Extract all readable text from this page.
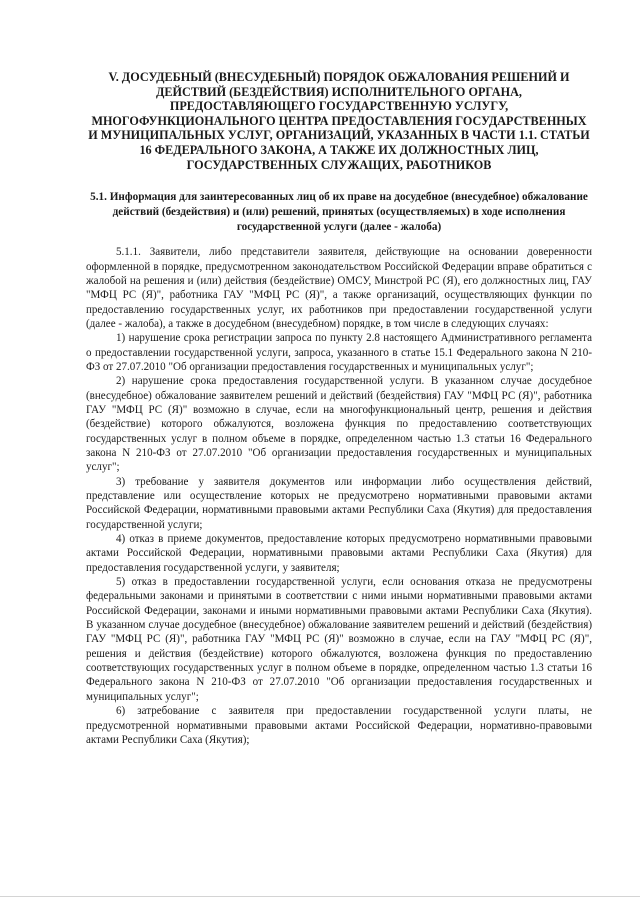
V. ДОСУДЕБНЫЙ (ВНЕСУДЕБНЫЙ) ПОРЯДОК ОБЖАЛОВАНИЯ РЕШЕНИЙ И ДЕЙСТВИЙ (БЕЗДЕЙСТВИЯ) ИСПОЛНИТЕЛЬНОГО ОРГАНА, ПРЕДОСТАВЛЯЮЩЕГО ГОСУДАРСТВЕННУЮ УСЛУГУ, МНОГОФУНКЦИОНАЛЬНОГО ЦЕНТРА ПРЕДОСТАВЛЕНИЯ ГОСУДАРСТВЕННЫХ И МУНИЦИПАЛЬНЫХ УСЛУГ, ОРГАНИЗАЦИЙ, УКАЗАННЫХ В ЧАСТИ 1.1. СТАТЬИ 16 ФЕДЕРАЛЬНОГО ЗАКОНА, А ТАКЖЕ ИХ ДОЛЖНОСТНЫХ ЛИЦ, ГОСУДАРСТВЕННЫХ СЛУЖАЩИХ, РАБОТНИКОВ
5.1. Информация для заинтересованных лиц об их праве на досудебное (внесудебное) обжалование действий (бездействия) и (или) решений, принятых (осуществляемых) в ходе исполнения государственной услуги (далее - жалоба)

5.1.1. Заявители, либо представители заявителя, действующие на основании доверенности оформленной в порядке, предусмотренном законодательством Российской Федерации вправе обратиться с жалобой на решения и (или) действия (бездействие) ОМСУ, Минстрой РС (Я), его должностных лиц, ГАУ "МФЦ РС (Я)", работника ГАУ "МФЦ РС (Я)", а также организаций, осуществляющих функции по предоставлению государственных услуг, их работников при предоставлении государственной услуги (далее - жалоба), а также в досудебном (внесудебном) порядке, в том числе в следующих случаях:

1) нарушение срока регистрации запроса по пункту 2.8 настоящего Административного регламента о предоставлении государственной услуги, запроса, указанного в статье 15.1 Федерального закона N 210-ФЗ от 27.07.2010 "Об организации предоставления государственных и муниципальных услуг";

2) нарушение срока предоставления государственной услуги. В указанном случае досудебное (внесудебное) обжалование заявителем решений и действий (бездействия) ГАУ "МФЦ РС (Я)", работника ГАУ "МФЦ РС (Я)" возможно в случае, если на многофункциональный центр, решения и действия (бездействие) которого обжалуются, возложена функция по предоставлению соответствующих государственных услуг в полном объеме в порядке, определенном частью 1.3 статьи 16 Федерального закона N 210-ФЗ от 27.07.2010 "Об организации предоставления государственных и муниципальных услуг";

3) требование у заявителя документов или информации либо осуществления действий, представление или осуществление которых не предусмотрено нормативными правовыми актами Российской Федерации, нормативными правовыми актами Республики Саха (Якутия) для предоставления государственной услуги;

4) отказ в приеме документов, предоставление которых предусмотрено нормативными правовыми актами Российской Федерации, нормативными правовыми актами Республики Саха (Якутия) для предоставления государственной услуги, у заявителя;

5) отказ в предоставлении государственной услуги, если основания отказа не предусмотрены федеральными законами и принятыми в соответствии с ними иными нормативными правовыми актами Российской Федерации, законами и иными нормативными правовыми актами Республики Саха (Якутия). В указанном случае досудебное (внесудебное) обжалование заявителем решений и действий (бездействия) ГАУ "МФЦ РС (Я)", работника ГАУ "МФЦ РС (Я)" возможно в случае, если на ГАУ "МФЦ РС (Я)", решения и действия (бездействие) которого обжалуются, возложена функция по предоставлению соответствующих государственных услуг в полном объеме в порядке, определенном частью 1.3 статьи 16 Федерального закона N 210-ФЗ от 27.07.2010 "Об организации предоставления государственных и муниципальных услуг";

6) затребование с заявителя при предоставлении государственной услуги платы, не предусмотренной нормативными правовыми актами Российской Федерации, нормативно-правовыми актами Республики Саха (Якутия);
